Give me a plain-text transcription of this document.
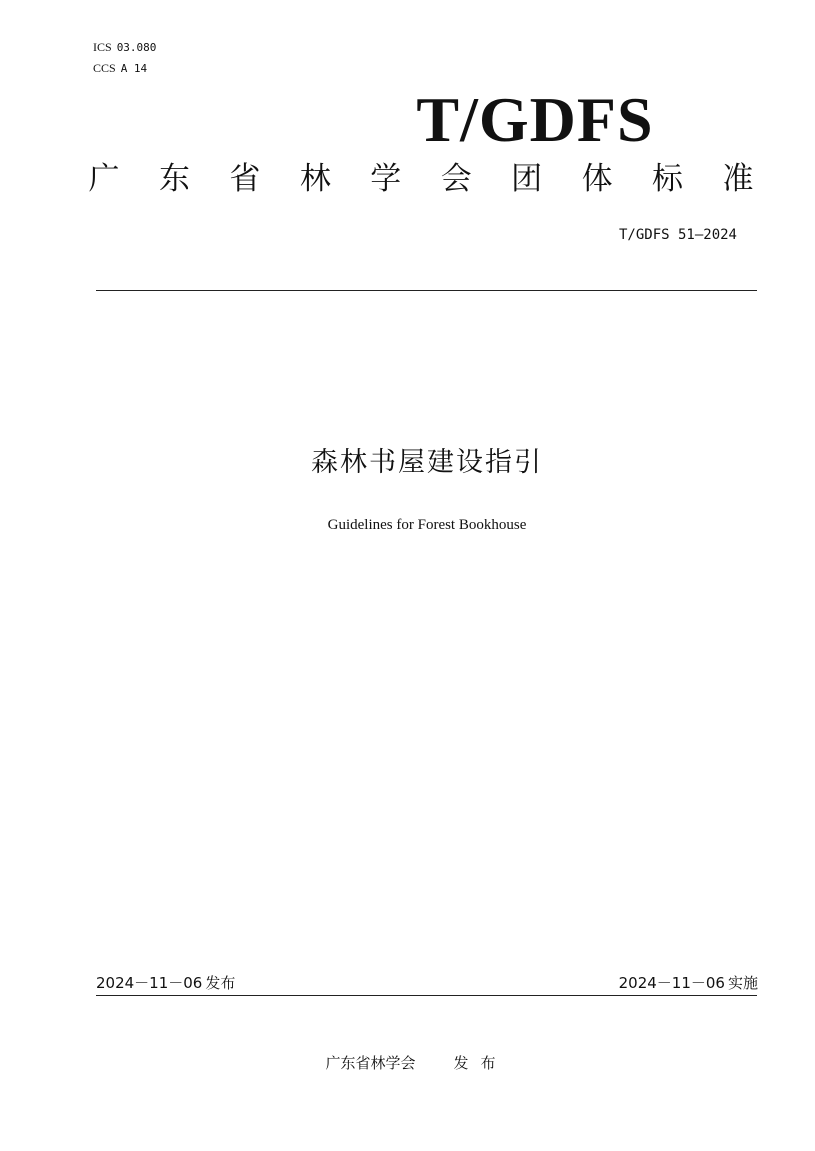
ICS 03.080
CCS A 14
T/GDFS
广 东 省 林 学 会 团 体 标 准
T/GDFS 51—2024
森林书屋建设指引
Guidelines for Forest Bookhouse
2024－11－06 发布	2024－11－06 实施
广东省林学会	发布
